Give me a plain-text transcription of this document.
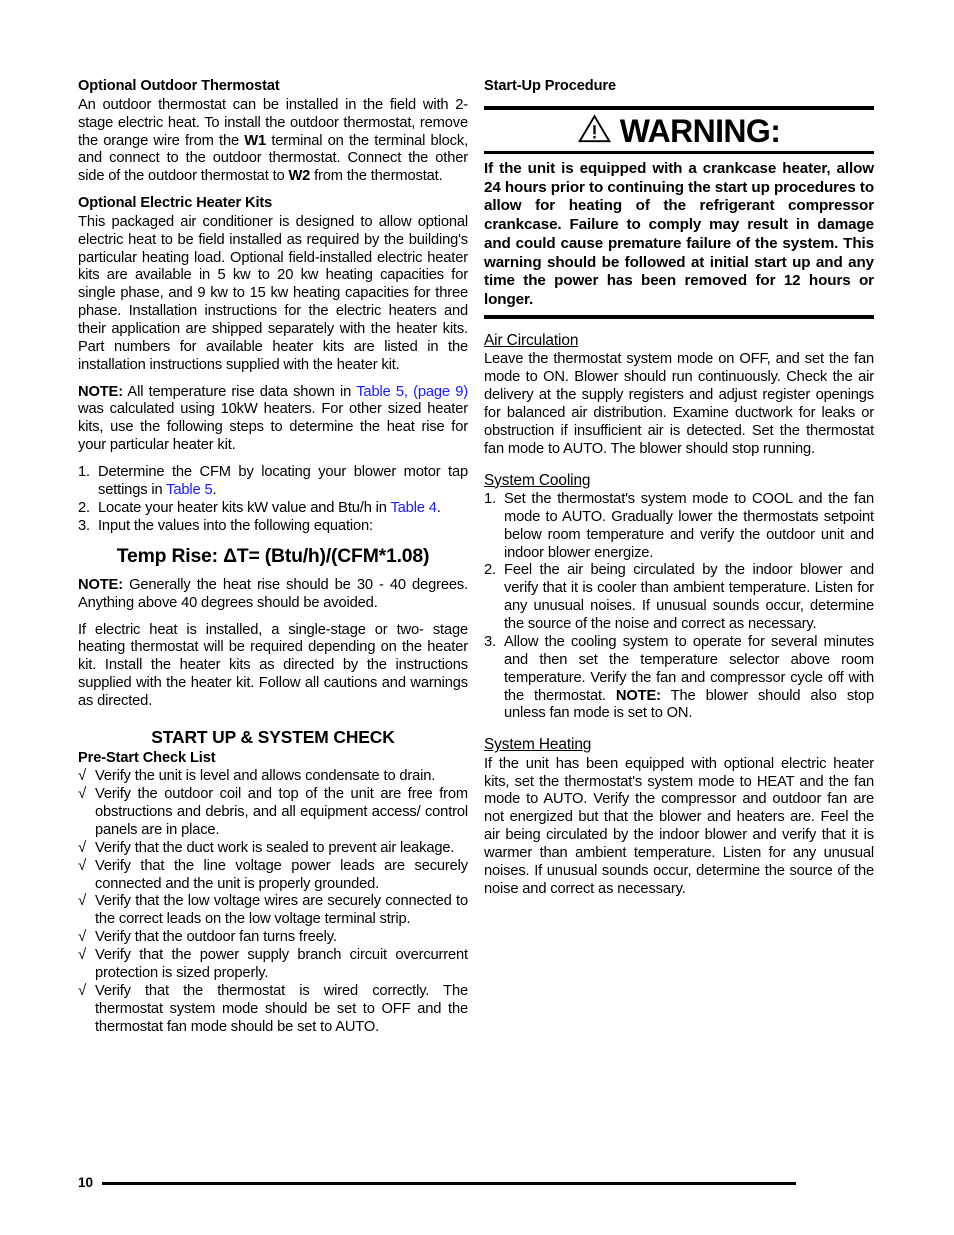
Optional Outdoor Thermostat

An outdoor thermostat can be installed in the field with 2-stage electric heat. To install the outdoor thermostat, remove the orange wire from the W1 terminal on the terminal block, and connect to the outdoor thermostat. Connect the other side of the outdoor thermostat to W2 from the thermostat.

Optional Electric Heater Kits

This packaged air conditioner is designed to allow optional electric heat to be field installed as required by the building's particular heating load. Optional field-installed electric heater kits are available in 5 kw to 20 kw heating capacities for single phase, and 9 kw to 15 kw heating capacities for three phase. Installation instructions for the electric heaters and their application are shipped separately with the heater kits. Part numbers for available heater kits are listed in the installation instructions supplied with the heater kit.

NOTE: All temperature rise data shown in Table 5, (page 9) was calculated using 10kW heaters. For other sized heater kits, use the following steps to determine the heat rise for your particular heater kit.

1. Determine the CFM by locating your blower motor tap settings in Table 5.
2. Locate your heater kits kW value and Btu/h in Table 4.
3. Input the values into the following equation:
Temp Rise: ΔT= (Btu/h)/(CFM*1.08)

NOTE: Generally the heat rise should be 30 - 40 degrees. Anything above 40 degrees should be avoided.

If electric heat is installed, a single-stage or two- stage heating thermostat will be required depending on the heater kit. Install the heater kits as directed by the instructions supplied with the heater kit. Follow all cautions and warnings as directed.

START UP & SYSTEM CHECK
Pre-Start Check List
√ Verify the unit is level and allows condensate to drain.
√ Verify the outdoor coil and top of the unit are free from obstructions and debris, and all equipment access/ control panels are in place.
√ Verify that the duct work is sealed to prevent air leakage.
√ Verify that the line voltage power leads are securely connected and the unit is properly grounded.
√ Verify that the low voltage wires are securely connected to the correct leads on the low voltage terminal strip.
√ Verify that the outdoor fan turns freely.
√ Verify that the power supply branch circuit overcurrent protection is sized properly.
√ Verify that the thermostat is wired correctly. The thermostat system mode should be set to OFF and the thermostat fan mode should be set to AUTO.
Start-Up Procedure
WARNING:

If the unit is equipped with a crankcase heater, allow 24 hours prior to continuing the start up procedures to allow for heating of the refrigerant compressor crankcase. Failure to comply may result in damage and could cause premature failure of the system. This warning should be followed at initial start up and any time the power has been removed for 12 hours or longer.

Air Circulation

Leave the thermostat system mode on OFF, and set the fan mode to ON. Blower should run continuously. Check the air delivery at the supply registers and adjust register openings for balanced air distribution. Examine ductwork for leaks or obstruction if insufficient air is detected. Set the thermostat fan mode to AUTO. The blower should stop running.

System Cooling
1. Set the thermostat's system mode to COOL and the fan mode to AUTO. Gradually lower the thermostats setpoint below room temperature and verify the outdoor unit and indoor blower energize.
2. Feel the air being circulated by the indoor blower and verify that it is cooler than ambient temperature. Listen for any unusual noises. If unusual sounds occur, determine the source of the noise and correct as necessary.
3. Allow the cooling system to operate for several minutes and then set the temperature selector above room temperature. Verify the fan and compressor cycle off with the thermostat. NOTE: The blower should also stop unless fan mode is set to ON.
System Heating

If the unit has been equipped with optional electric heater kits, set the thermostat's system mode to HEAT and the fan mode to AUTO. Verify the compressor and outdoor fan are not energized but that the blower and heaters are. Feel the air being circulated by the indoor blower and verify that it is warmer than ambient temperature. Listen for any unusual noises. If unusual sounds occur, determine the source of the noise and correct as necessary.

10
